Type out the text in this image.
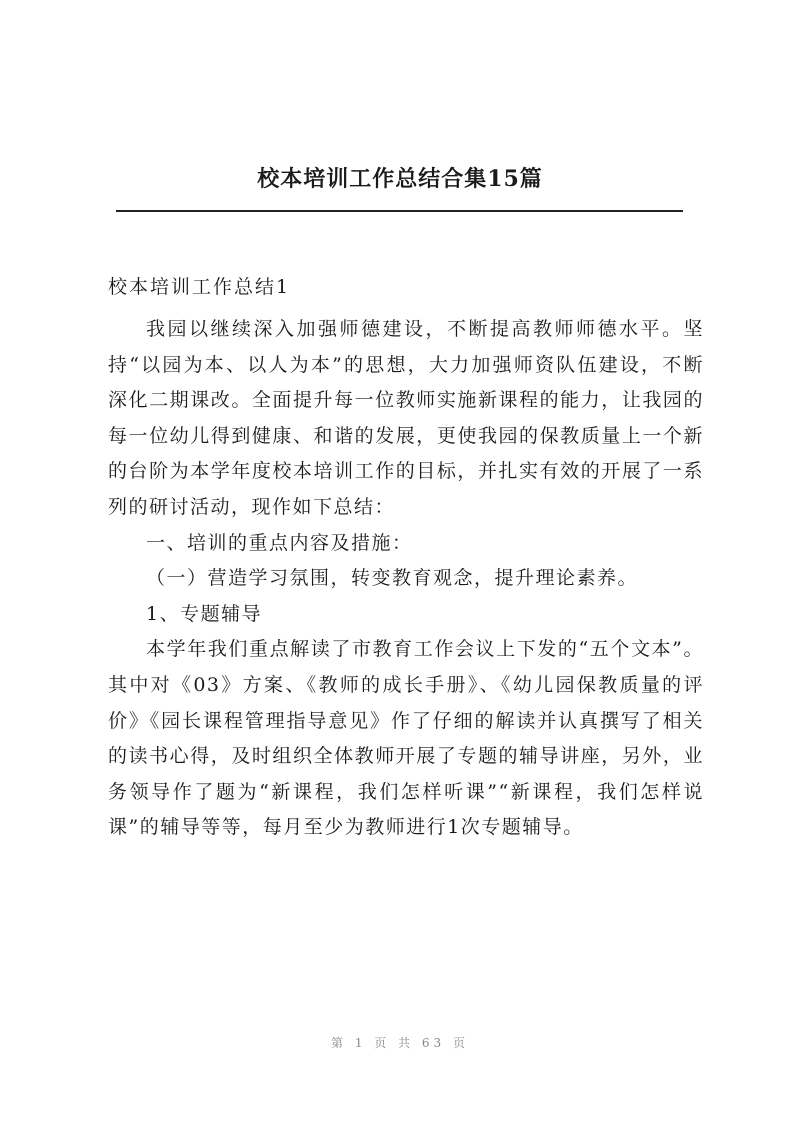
校本培训工作总结合集15篇
校本培训工作总结1

我园以继续深入加强师德建设，不断提高教师师德水平。坚持“以园为本、以人为本”的思想，大力加强师资队伍建设，不断深化二期课改。全面提升每一位教师实施新课程的能力，让我园的每一位幼儿得到健康、和谐的发展，更使我园的保教质量上一个新的台阶为本学年度校本培训工作的目标，并扎实有效的开展了一系列的研讨活动，现作如下总结：

一、培训的重点内容及措施：

（一）营造学习氛围，转变教育观念，提升理论素养。

1、专题辅导

本学年我们重点解读了市教育工作会议上下发的“五个文本”。其中对《03》方案、《教师的成长手册》、《幼儿园保教质量的评价》《园长课程管理指导意见》作了仔细的解读并认真撰写了相关的读书心得，及时组织全体教师开展了专题的辅导讲座，另外，业务领导作了题为“新课程，我们怎样听课”“新课程，我们怎样说课”的辅导等等，每月至少为教师进行1次专题辅导。

第 1 页 共 63 页
